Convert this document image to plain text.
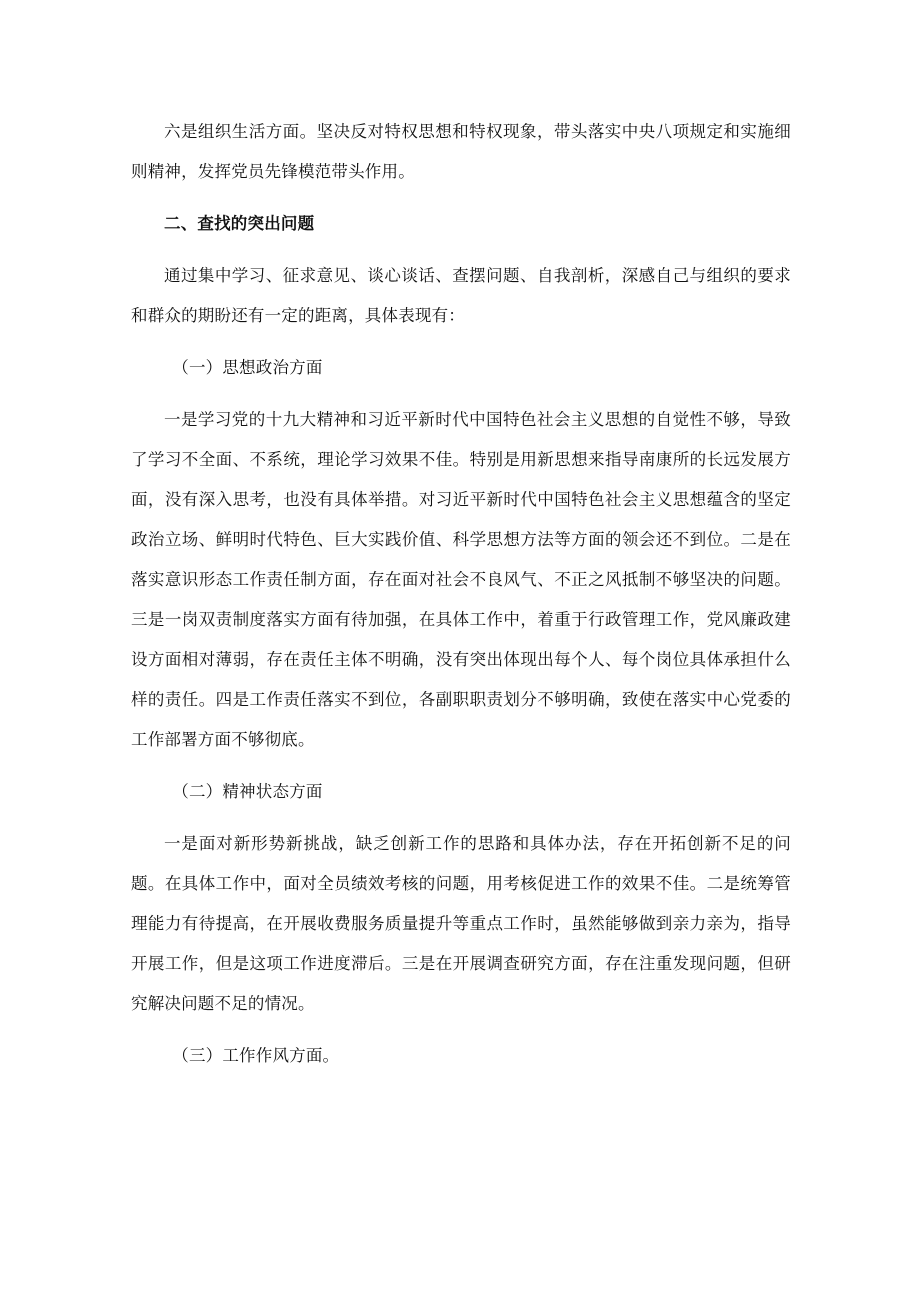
六是组织生活方面。坚决反对特权思想和特权现象，带头落实中央八项规定和实施细则精神，发挥党员先锋模范带头作用。

二、查找的突出问题

通过集中学习、征求意见、谈心谈话、查摆问题、自我剖析，深感自己与组织的要求和群众的期盼还有一定的距离，具体表现有：

（一）思想政治方面

一是学习党的十九大精神和习近平新时代中国特色社会主义思想的自觉性不够，导致了学习不全面、不系统，理论学习效果不佳。特别是用新思想来指导南康所的长远发展方面，没有深入思考，也没有具体举措。对习近平新时代中国特色社会主义思想蕴含的坚定政治立场、鲜明时代特色、巨大实践价值、科学思想方法等方面的领会还不到位。二是在落实意识形态工作责任制方面，存在面对社会不良风气、不正之风抵制不够坚决的问题。三是一岗双责制度落实方面有待加强，在具体工作中，着重于行政管理工作，党风廉政建设方面相对薄弱，存在责任主体不明确，没有突出体现出每个人、每个岗位具体承担什么样的责任。四是工作责任落实不到位，各副职职责划分不够明确，致使在落实中心党委的工作部署方面不够彻底。

（二）精神状态方面

一是面对新形势新挑战，缺乏创新工作的思路和具体办法，存在开拓创新不足的问题。在具体工作中，面对全员绩效考核的问题，用考核促进工作的效果不佳。二是统筹管理能力有待提高，在开展收费服务质量提升等重点工作时，虽然能够做到亲力亲为，指导开展工作，但是这项工作进度滞后。三是在开展调查研究方面，存在注重发现问题，但研究解决问题不足的情况。

（三）工作作风方面。
